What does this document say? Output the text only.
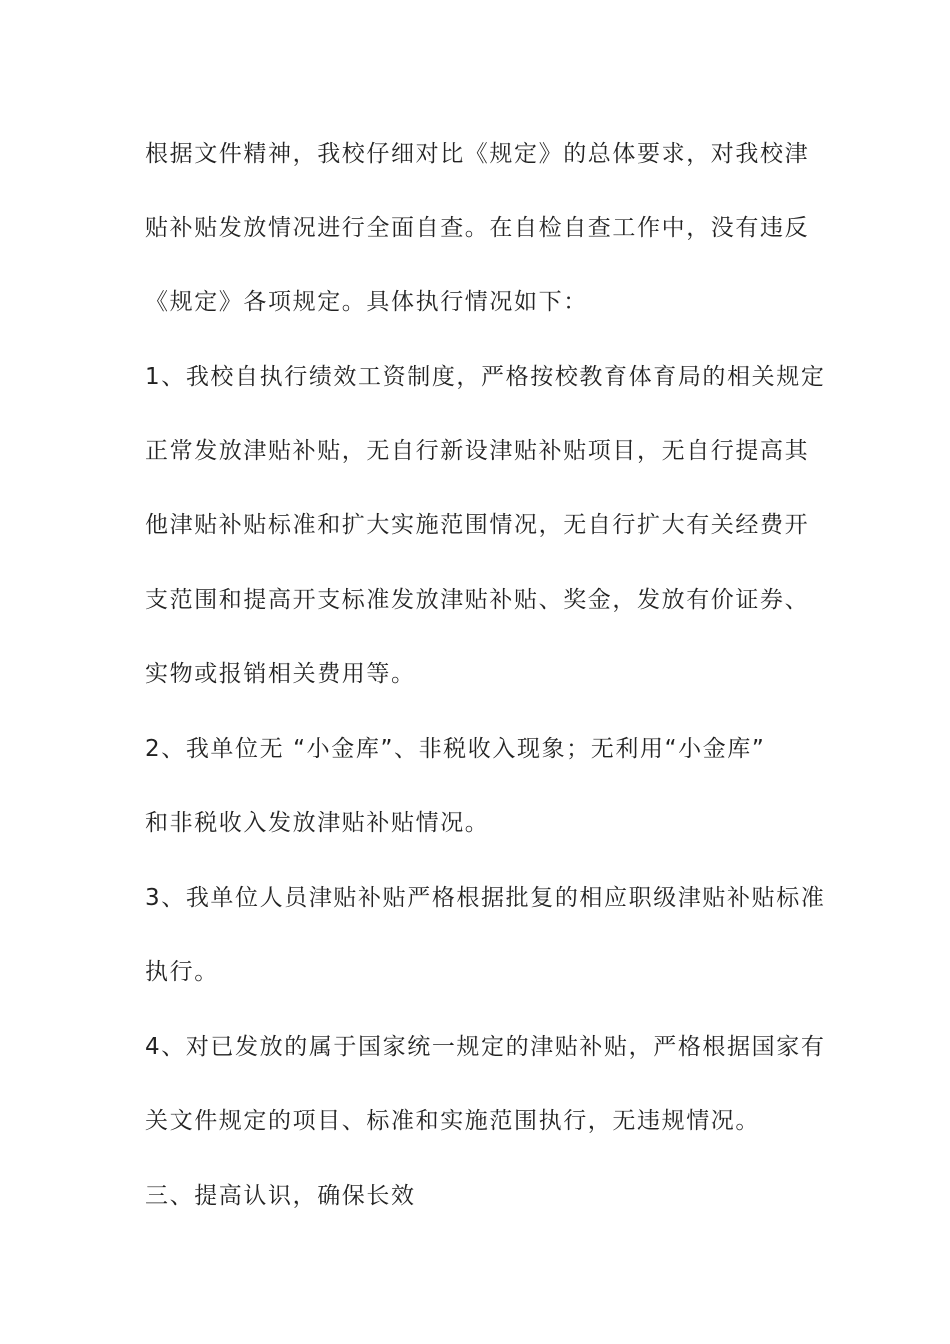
根据文件精神，我校仔细对比《规定》的总体要求，对我校津
贴补贴发放情况进行全面自查。在自检自查工作中，没有违反
《规定》各项规定。具体执行情况如下：
1、我校自执行绩效工资制度，严格按校教育体育局的相关规定
正常发放津贴补贴，无自行新设津贴补贴项目，无自行提高其
他津贴补贴标准和扩大实施范围情况，无自行扩大有关经费开
支范围和提高开支标准发放津贴补贴、奖金，发放有价证券、
实物或报销相关费用等。
2、我单位无 “小金库”、非税收入现象；无利用“小金库”
和非税收入发放津贴补贴情况。
3、我单位人员津贴补贴严格根据批复的相应职级津贴补贴标准
执行。
4、对已发放的属于国家统一规定的津贴补贴，严格根据国家有
关文件规定的项目、标准和实施范围执行，无违规情况。
三、提高认识，确保长效
